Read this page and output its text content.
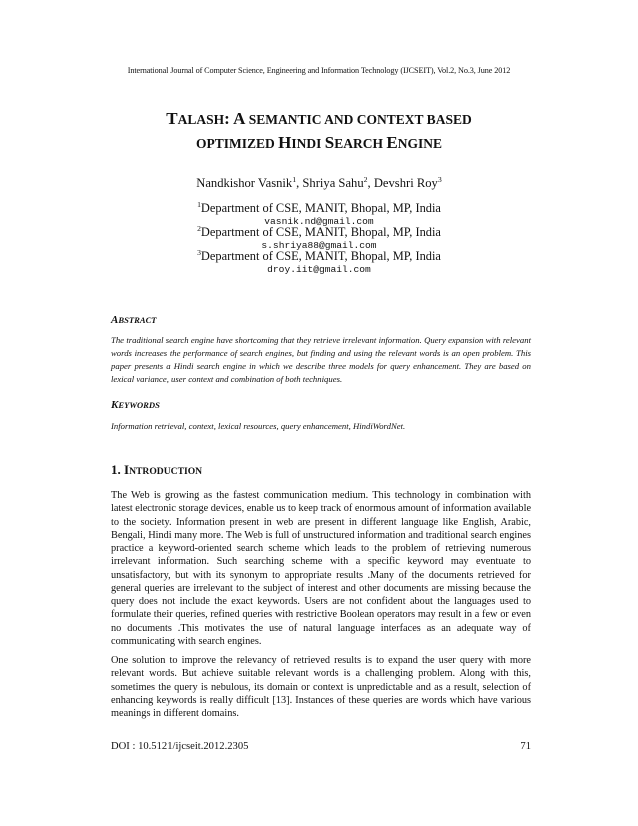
International Journal of Computer Science, Engineering and Information Technology (IJCSEIT), Vol.2, No.3, June 2012
TALASH: A SEMANTIC AND CONTEXT BASED
OPTIMIZED HINDI SEARCH ENGINE
Nandkishor Vasnik$^1$, Shriya Sahu$^2$, Devshri Roy$^3$
$^1$Department of CSE, MANIT, Bhopal, MP, India
vasnik.nd@gmail.com
$^2$Department of CSE, MANIT, Bhopal, MP, India
s.shriya88@gmail.com
$^3$Department of CSE, MANIT, Bhopal, MP, India
droy.iit@gmail.com
ABSTRACT
The traditional search engine have shortcoming that they retrieve irrelevant information. Query expansion with relevant words increases the performance of search engines, but finding and using the relevant words is an open problem. This paper presents a Hindi search engine in which we describe three models for query enhancement. They are based on lexical variance, user context and combination of both techniques.
KEYWORDS
Information retrieval, context, lexical resources, query enhancement, HindiWordNet.
1. INTRODUCTION

The Web is growing as the fastest communication medium. This technology in combination with latest electronic storage devices, enable us to keep track of enormous amount of information available to the society. Information present in web are present in different language like English, Arabic, Bengali, Hindi many more. The Web is full of unstructured information and traditional search engines practice a keyword-oriented search scheme which leads to the problem of retrieving numerous irrelevant information. Such searching scheme with a specific keyword may eventuate to unsatisfactory, but with its synonym to appropriate results .Many of the documents retrieved for general queries are irrelevant to the subject of interest and other documents are missing because the query does not include the exact keywords. Users are not confident about the languages used to formulate their queries, refined queries with restrictive Boolean operators may result in a few or even no documents .This motivates the use of natural language interfaces as an adequate way of communicating with search engines.

One solution to improve the relevancy of retrieved results is to expand the user query with more relevant words. But achieve suitable relevant words is a challenging problem. Along with this, sometimes the query is nebulous, its domain or context is unpredictable and as a result, selection of enhancing keywords is really difficult [13]. Instances of these queries are words which have various meanings in different domains.

DOI : 10.5121/ijcseit.2012.2305	71
